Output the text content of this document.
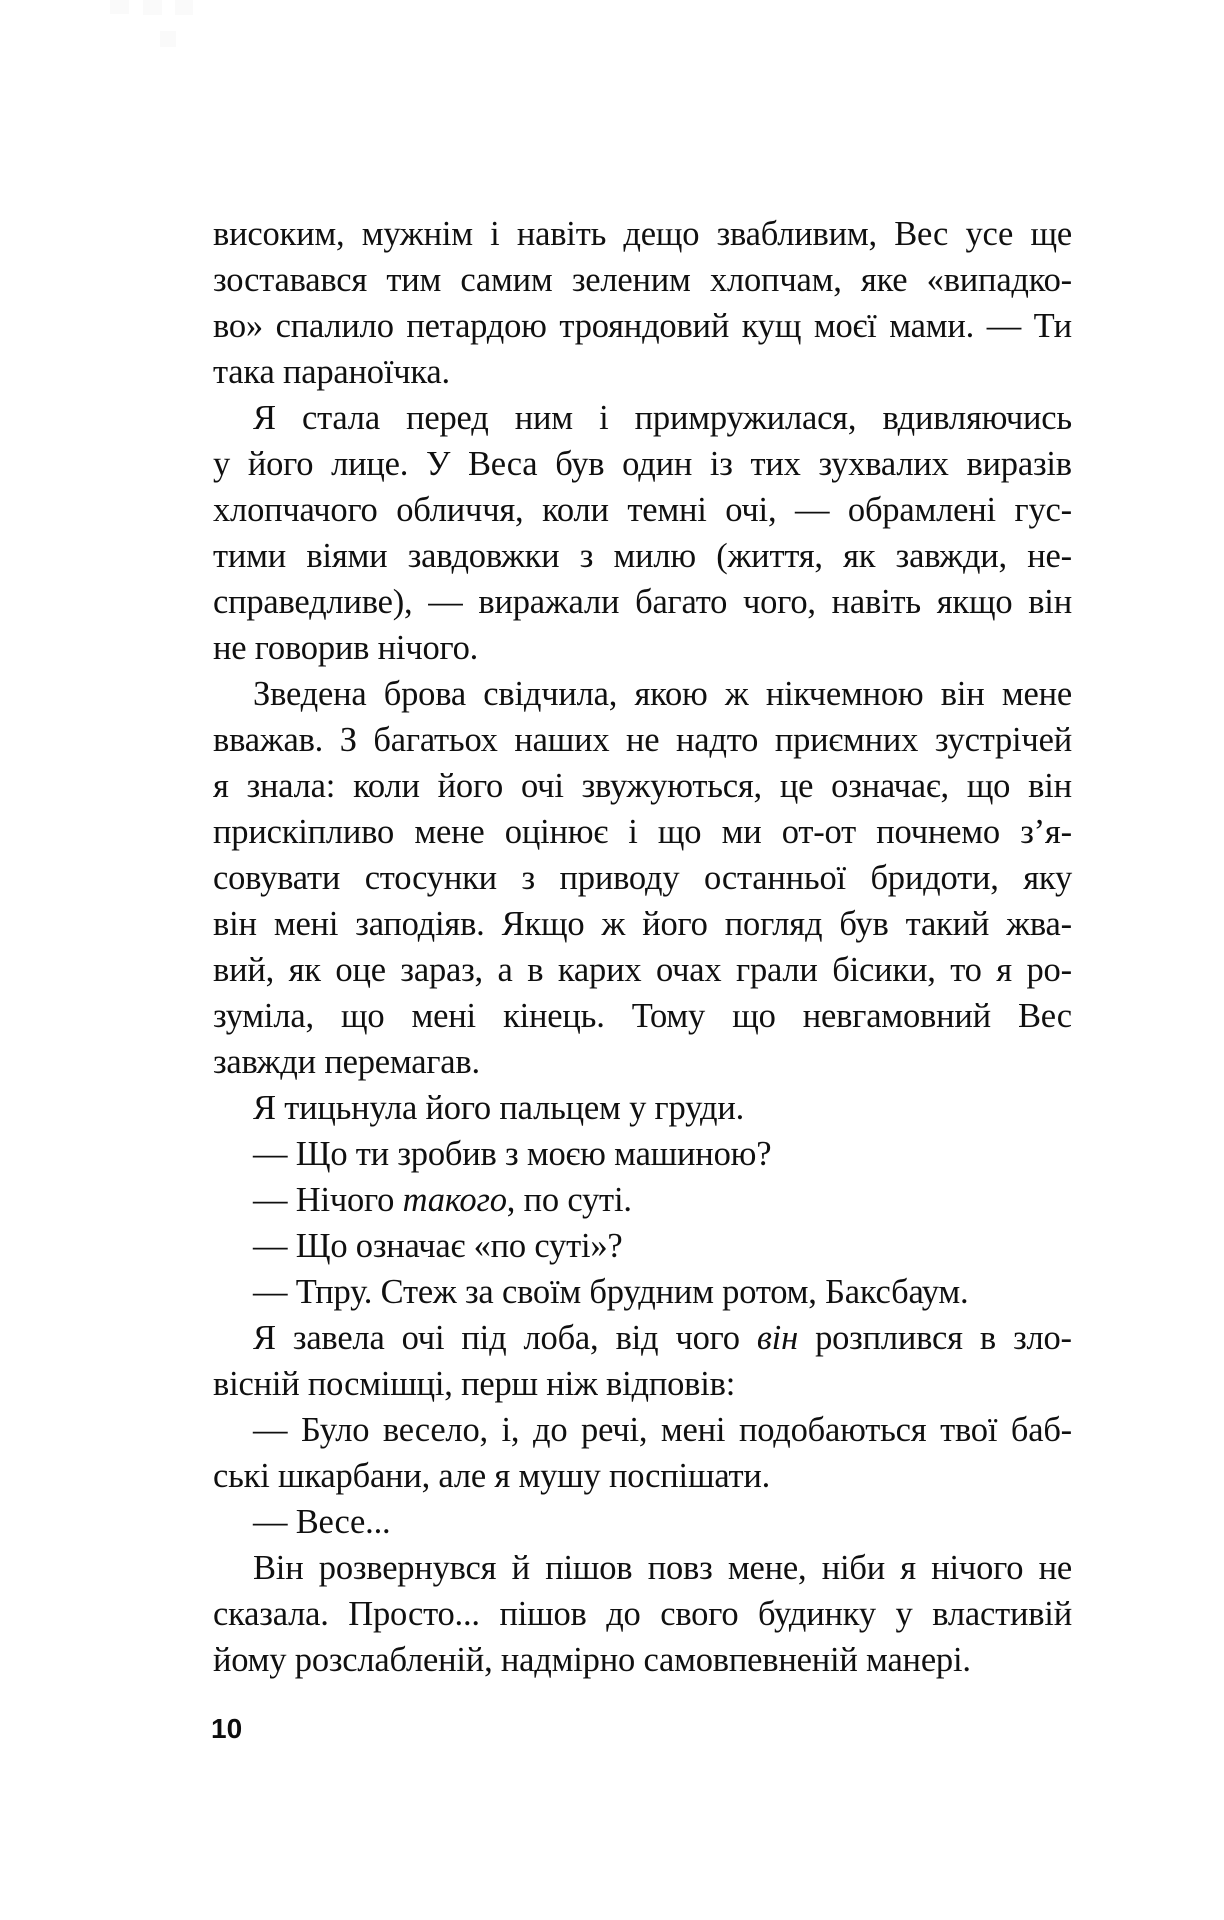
високим, мужнім і навіть дещо звабливим, Вес усе ще
зоставався тим самим зеленим хлопчам, яке «випадко-
во» спалило петардою трояндовий кущ моєї мами. — Ти
така параноїчка.
Я стала перед ним і примружилася, вдивляючись
у його лице. У Веса був один із тих зухвалих виразів
хлопчачого обличчя, коли темні очі, — обрамлені гус-
тими віями завдовжки з милю (життя, як завжди, не-
справедливе), — виражали багато чого, навіть якщо він
не говорив нічого.
Зведена брова свідчила, якою ж нікчемною він мене
вважав. З багатьох наших не надто приємних зустрічей
я знала: коли його очі звужуються, це означає, що він
прискіпливо мене оцінює і що ми от-от почнемо з’я-
совувати стосунки з приводу останньої бридоти, яку
він мені заподіяв. Якщо ж його погляд був такий жва-
вий, як оце зараз, а в карих очах грали бісики, то я ро-
зуміла, що мені кінець. Тому що невгамовний Вес
завжди перемагав.
Я тицьнула його пальцем у груди.
— Що ти зробив з моєю машиною?
— Нічого такого, по суті.
— Що означає «по суті»?
— Тпру. Стеж за своїм брудним ротом, Баксбаум.
Я завела очі під лоба, від чого він розплився в зло-
вісній посмішці, перш ніж відповів:
— Було весело, і, до речі, мені подобаються твої баб-
ські шкарбани, але я мушу поспішати.
— Весе...
Він розвернувся й пішов повз мене, ніби я нічого не
сказала. Просто... пішов до свого будинку у властивій
йому розслабленій, надмірно самовпевненій манері.
10
